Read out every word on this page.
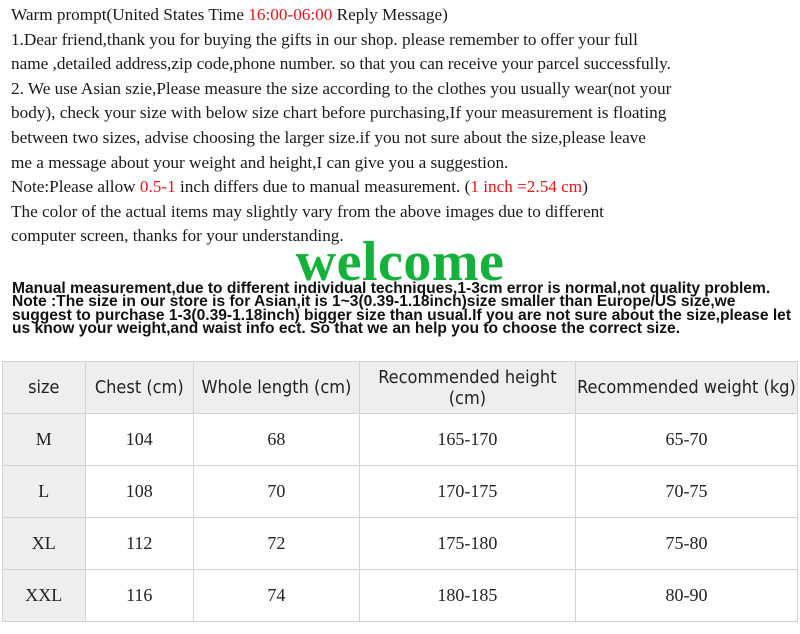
Warm prompt(United States Time 16:00-06:00 Reply Message)
1.Dear friend,thank you for buying the gifts in our shop. please remember to offer your full
name ,detailed address,zip code,phone number. so that you can receive your parcel successfully.
2. We use Asian szie,Please measure the size according to the clothes you usually wear(not your
body), check your size with below size chart before purchasing,If your measurement is floating
between two sizes, advise choosing the larger size.if you not sure about the size,please leave
me a message about your weight and height,I can give you a suggestion.
Note:Please allow 0.5-1 inch differs due to manual measurement. (1 inch =2.54 cm)
The color of the actual items may slightly vary from the above images due to different
computer screen, thanks for your understanding.
welcome

Manual measurement,due to different individual techniques,1-3cm error is normal,not quality problem.

Note :The size in our store is for Asian,it is 1~3(0.39-1.18inch)size smaller than Europe/US size,we suggest to purchase 1-3(0.39-1.18inch) bigger size than usual.If you are not sure about the size,please let us know your weight,and waist info ect. So that we an help you to choose the correct size.

size	Chest (cm)	Whole length (cm)	Recommended height (cm)	Recommended weight (kg)
M	104	68	165-170	65-70
L	108	70	170-175	70-75
XL	112	72	175-180	75-80
XXL	116	74	180-185	80-90
